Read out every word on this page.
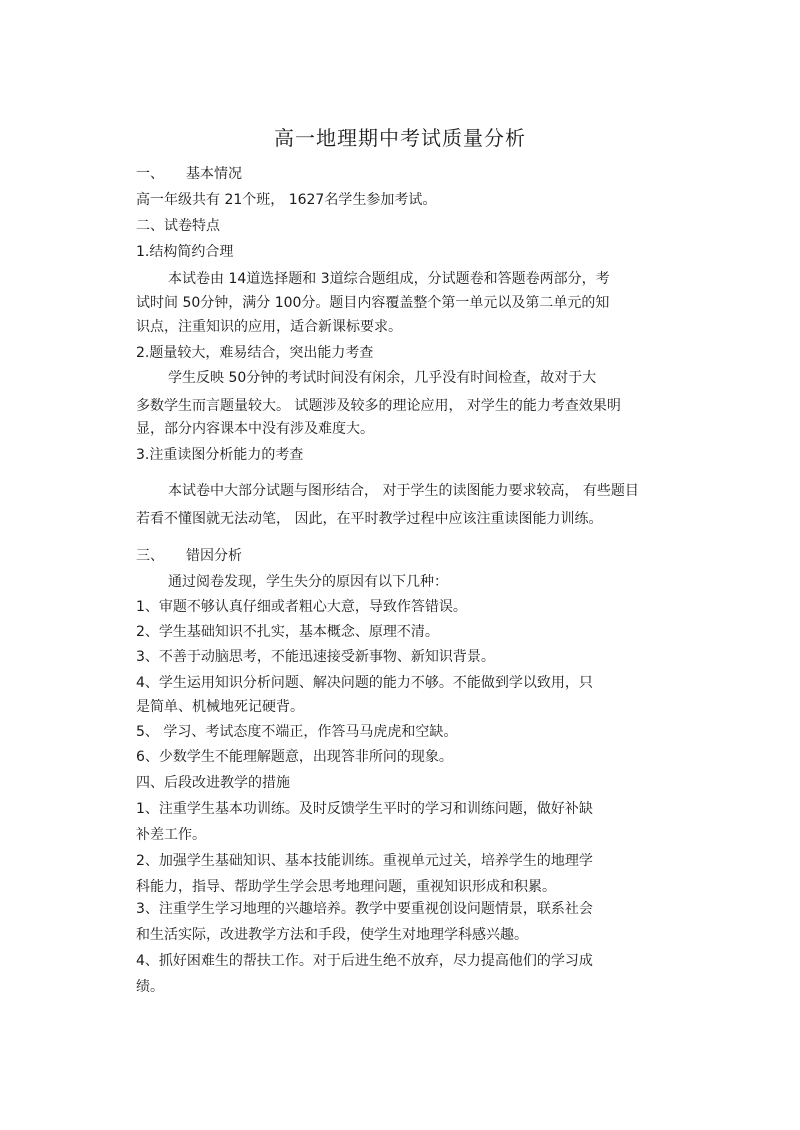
高一地理期中考试质量分析
一、 基本情况
高一年级共有 21个班， 1627名学生参加考试。
二、试卷特点
1.结构简约合理
本试卷由 14道选择题和 3道综合题组成，分试题卷和答题卷两部分，考
试时间 50分钟，满分 100分。题目内容覆盖整个第一单元以及第二单元的知
识点，注重知识的应用，适合新课标要求。
2.题量较大，难易结合，突出能力考查
学生反映 50分钟的考试时间没有闲余，几乎没有时间检查，故对于大
多数学生而言题量较大。 试题涉及较多的理论应用， 对学生的能力考查效果明
显，部分内容课本中没有涉及难度大。
3.注重读图分析能力的考查
本试卷中大部分试题与图形结合， 对于学生的读图能力要求较高， 有些题目
若看不懂图就无法动笔， 因此，在平时教学过程中应该注重读图能力训练。
三、 错因分析
通过阅卷发现，学生失分的原因有以下几种：
1、审题不够认真仔细或者粗心大意，导致作答错误。
2、学生基础知识不扎实，基本概念、原理不清。
3、不善于动脑思考，不能迅速接受新事物、新知识背景。
4、学生运用知识分析问题、解决问题的能力不够。不能做到学以致用，只
是简单、机械地死记硬背。
5、 学习、考试态度不端正，作答马马虎虎和空缺。
6、少数学生不能理解题意，出现答非所问的现象。
四、后段改进教学的措施
1、注重学生基本功训练。及时反馈学生平时的学习和训练问题，做好补缺
补差工作。
2、加强学生基础知识、基本技能训练。重视单元过关，培养学生的地理学
科能力，指导、帮助学生学会思考地理问题，重视知识形成和积累。
3、注重学生学习地理的兴趣培养。教学中要重视创设问题情景，联系社会
和生活实际，改进教学方法和手段，使学生对地理学科感兴趣。
4、抓好困难生的帮扶工作。对于后进生绝不放弃，尽力提高他们的学习成
绩。
